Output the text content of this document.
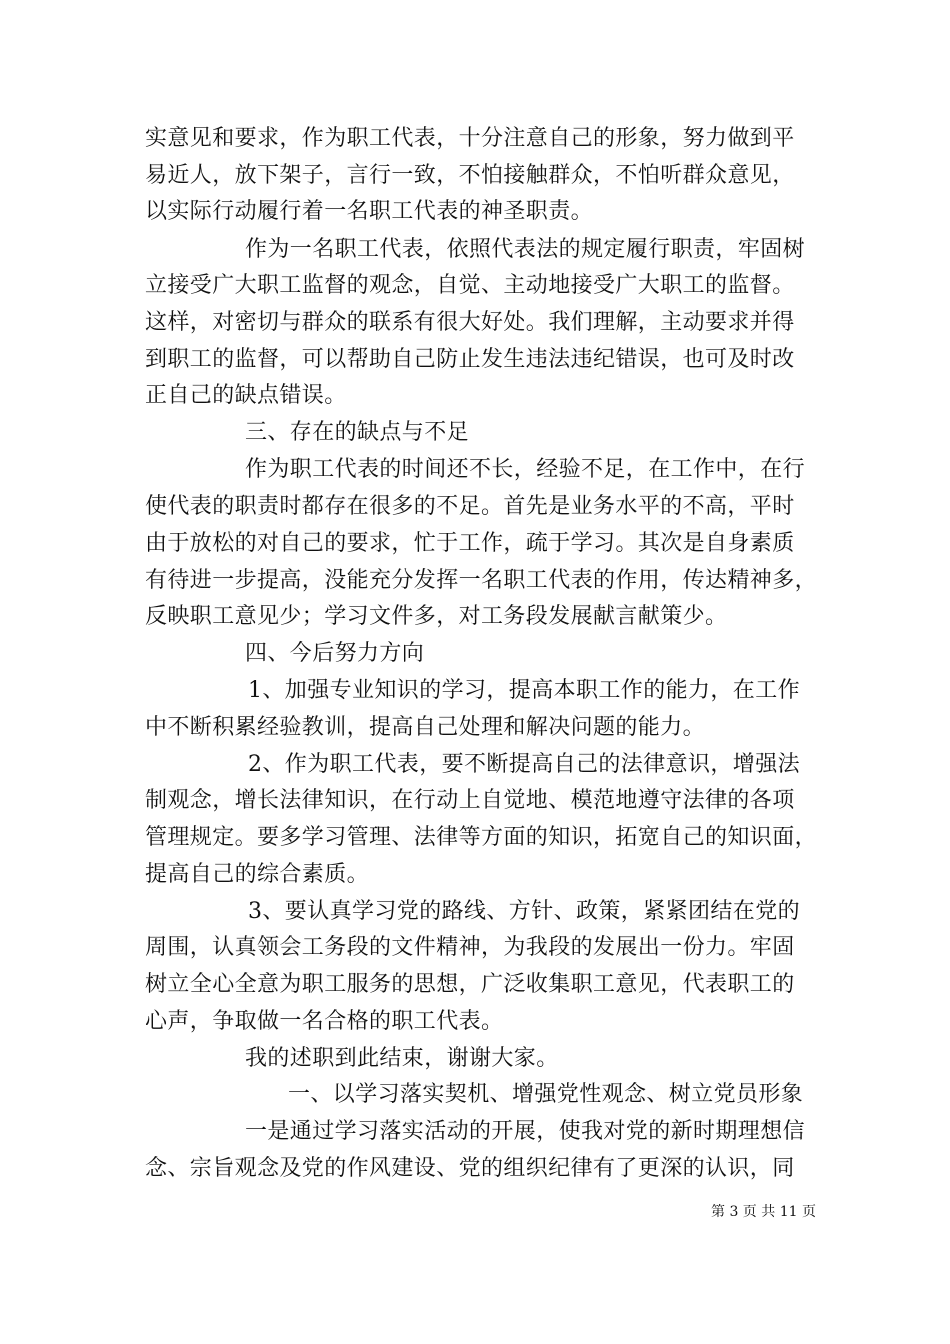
实意见和要求，作为职工代表，十分注意自己的形象，努力做到平
易近人，放下架子，言行一致，不怕接触群众，不怕听群众意见，
以实际行动履行着一名职工代表的神圣职责。
作为一名职工代表，依照代表法的规定履行职责，牢固树
立接受广大职工监督的观念，自觉、主动地接受广大职工的监督。
这样，对密切与群众的联系有很大好处。我们理解，主动要求并得
到职工的监督，可以帮助自己防止发生违法违纪错误，也可及时改
正自己的缺点错误。
三、存在的缺点与不足
作为职工代表的时间还不长，经验不足，在工作中，在行
使代表的职责时都存在很多的不足。首先是业务水平的不高，平时
由于放松的对自己的要求，忙于工作，疏于学习。其次是自身素质
有待进一步提高，没能充分发挥一名职工代表的作用，传达精神多，
反映职工意见少；学习文件多，对工务段发展献言献策少。
四、今后努力方向
1、加强专业知识的学习，提高本职工作的能力，在工作
中不断积累经验教训，提高自己处理和解决问题的能力。
2、作为职工代表，要不断提高自己的法律意识，增强法
制观念，增长法律知识，在行动上自觉地、模范地遵守法律的各项
管理规定。要多学习管理、法律等方面的知识，拓宽自己的知识面，
提高自己的综合素质。
3、要认真学习党的路线、方针、政策，紧紧团结在党的
周围，认真领会工务段的文件精神，为我段的发展出一份力。牢固
树立全心全意为职工服务的思想，广泛收集职工意见，代表职工的
心声，争取做一名合格的职工代表。
我的述职到此结束，谢谢大家。
一、以学习落实契机、增强党性观念、树立党员形象
一是通过学习落实活动的开展，使我对党的新时期理想信
念、宗旨观念及党的作风建设、党的组织纪律有了更深的认识，同
第 3 页 共 11 页
